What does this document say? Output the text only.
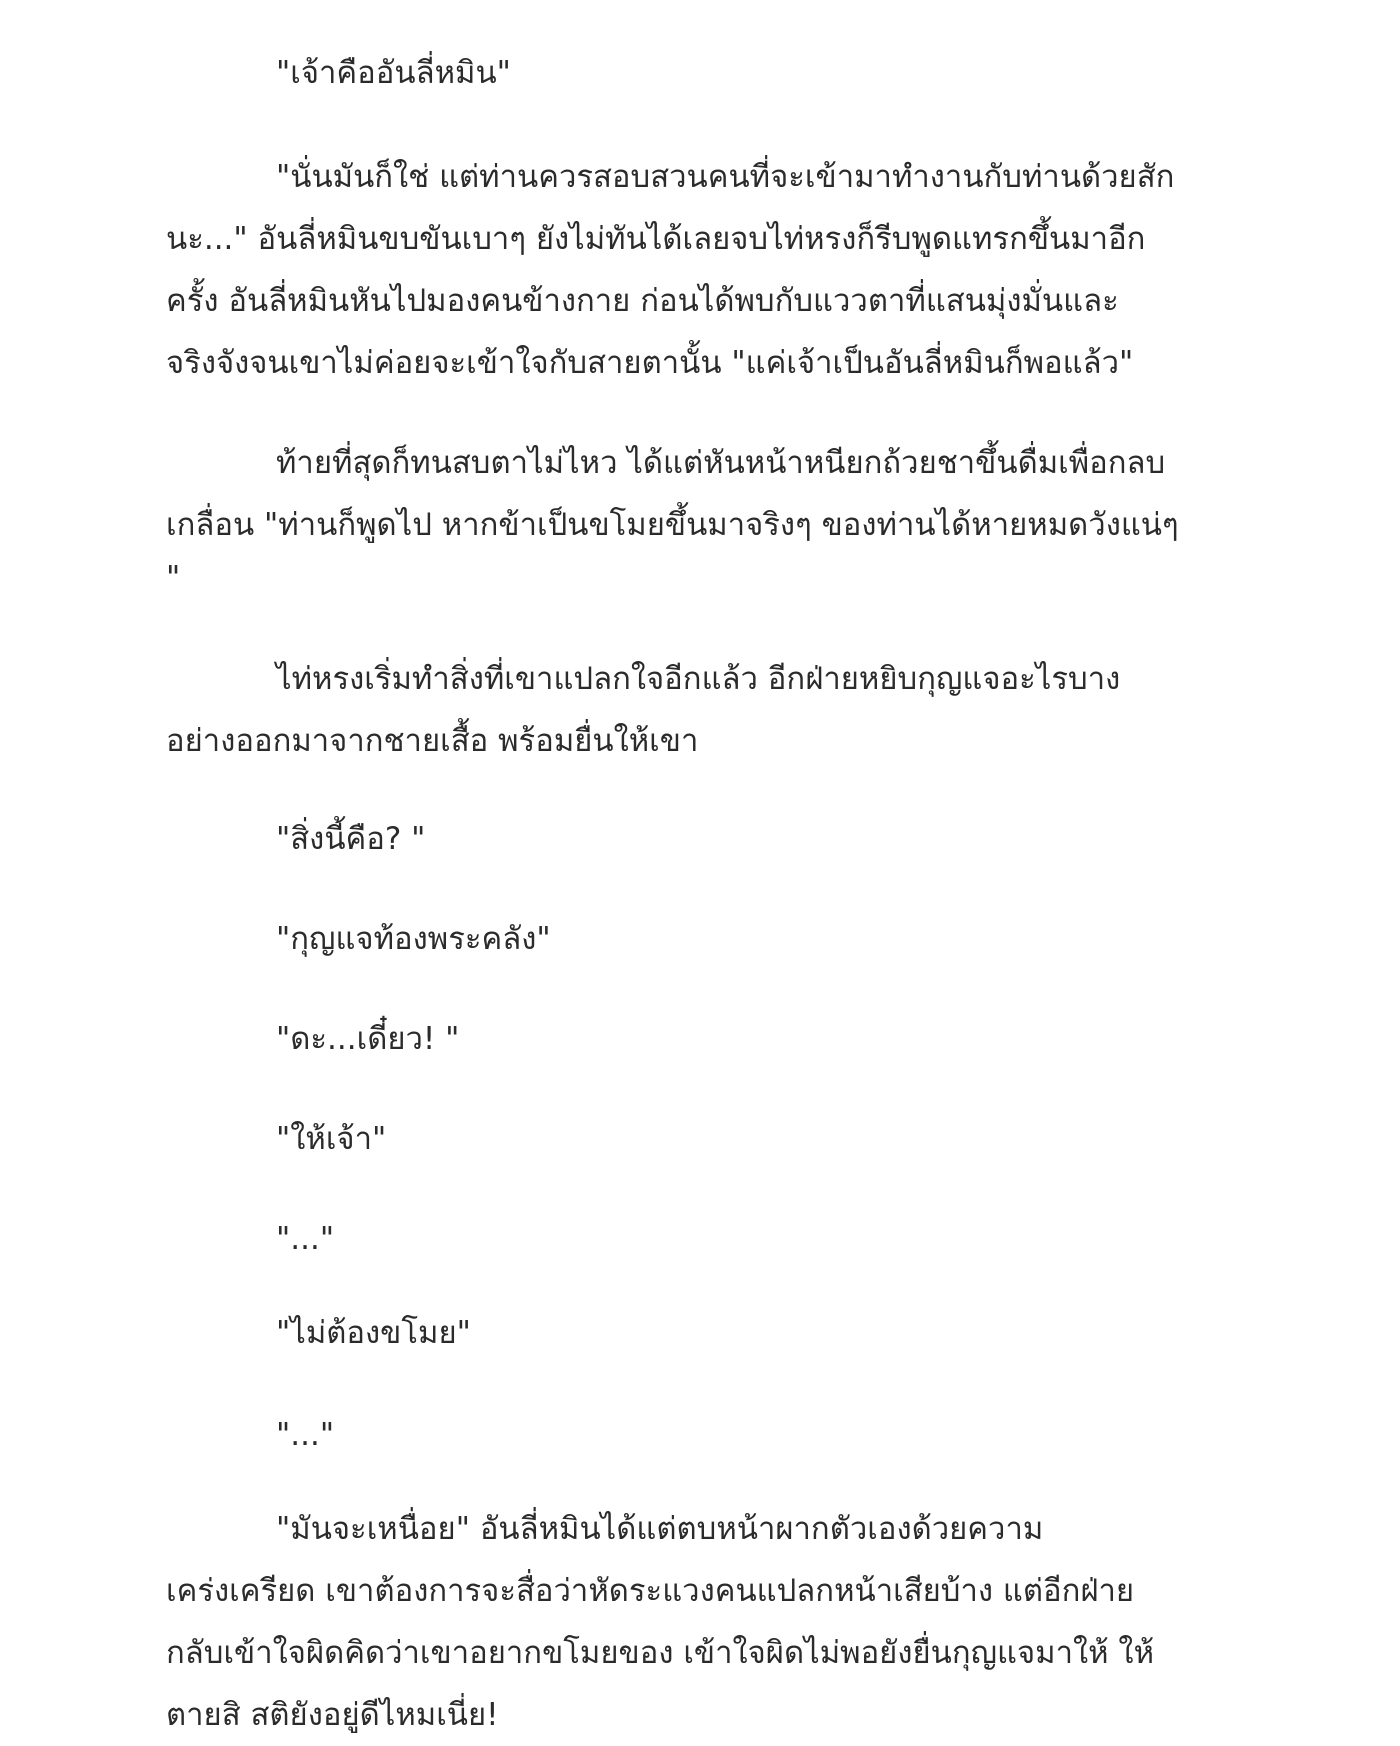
"เจ้าคืออันลี่หมิน"
"นั่นมันก็ใช่ แต่ท่านควรสอบสวนคนที่จะเข้ามาทำงานกับท่านด้วยสัก
นะ..." อันลี่หมินขบขันเบาๆ ยังไม่ทันได้เลยจบไท่หรงก็รีบพูดแทรกขึ้นมาอีก
ครั้ง อันลี่หมินหันไปมองคนข้างกาย ก่อนได้พบกับแววตาที่แสนมุ่งมั่นและ
จริงจังจนเขาไม่ค่อยจะเข้าใจกับสายตานั้น "แค่เจ้าเป็นอันลี่หมินก็พอแล้ว"
ท้ายที่สุดก็ทนสบตาไม่ไหว ได้แต่หันหน้าหนียกถ้วยชาขึ้นดื่มเพื่อกลบ
เกลื่อน "ท่านก็พูดไป หากข้าเป็นขโมยขึ้นมาจริงๆ ของท่านได้หายหมดวังแน่ๆ
"
ไท่หรงเริ่มทำสิ่งที่เขาแปลกใจอีกแล้ว อีกฝ่ายหยิบกุญแจอะไรบาง
อย่างออกมาจากชายเสื้อ พร้อมยื่นให้เขา
"สิ่งนี้คือ? "
"กุญแจท้องพระคลัง"
"ดะ...เดี๋ยว! "
"ให้เจ้า"
"..."
"ไม่ต้องขโมย"
"..."
"มันจะเหนื่อย" อันลี่หมินได้แต่ตบหน้าผากตัวเองด้วยความ
เคร่งเครียด เขาต้องการจะสื่อว่าหัดระแวงคนแปลกหน้าเสียบ้าง แต่อีกฝ่าย
กลับเข้าใจผิดคิดว่าเขาอยากขโมยของ เข้าใจผิดไม่พอยังยื่นกุญแจมาให้ ให้
ตายสิ สติยังอยู่ดีไหมเนี่ย!
